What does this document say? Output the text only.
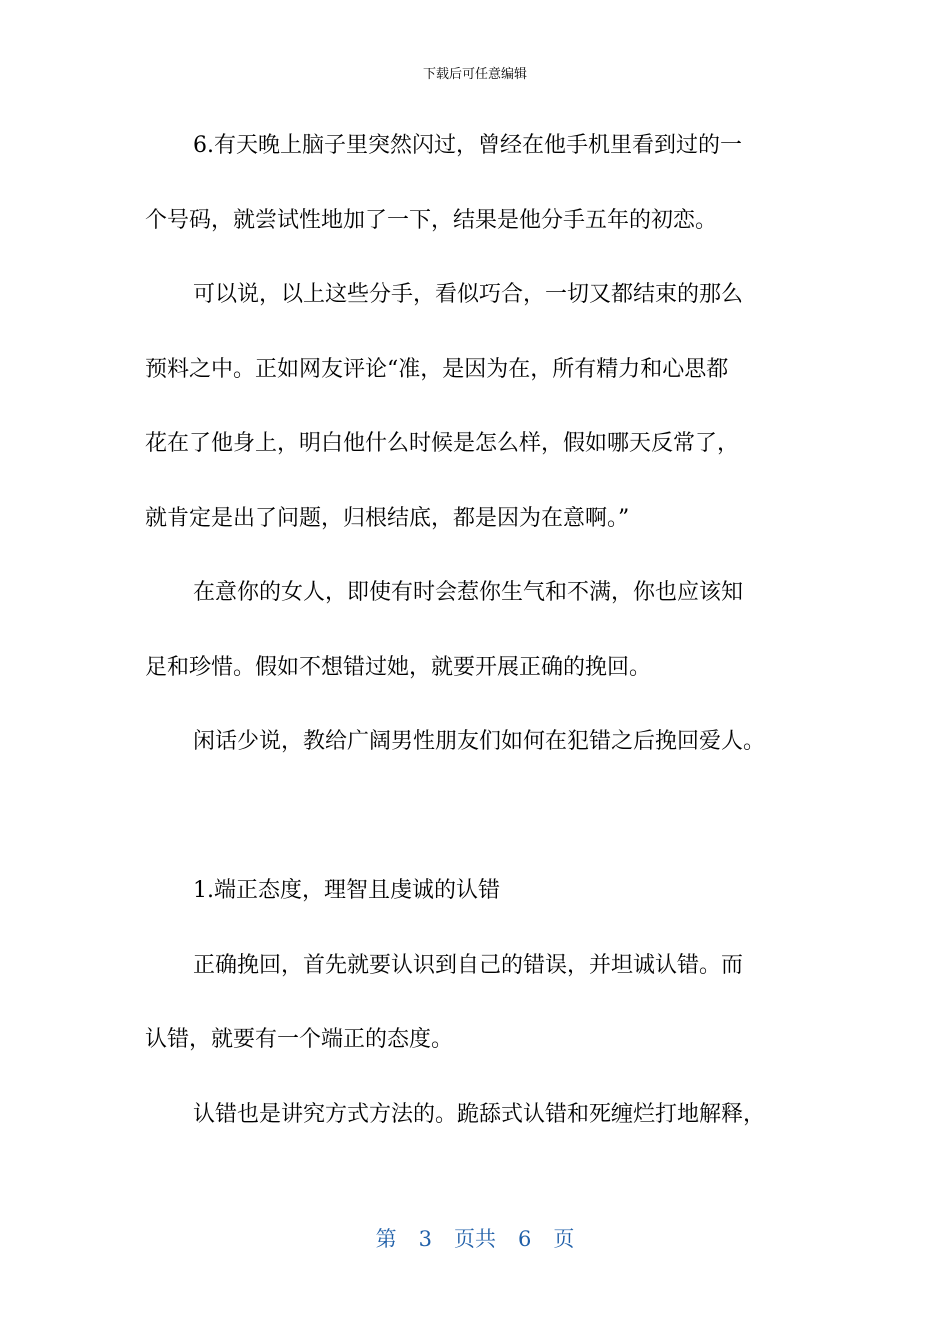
下载后可任意编辑
6.有天晚上脑子里突然闪过，曾经在他手机里看到过的一
个号码，就尝试性地加了一下，结果是他分手五年的初恋。
可以说，以上这些分手，看似巧合，一切又都结束的那么
预料之中。正如网友评论“准，是因为在，所有精力和心思都
花在了他身上，明白他什么时候是怎么样，假如哪天反常了，
就肯定是出了问题，归根结底，都是因为在意啊。”
在意你的女人，即使有时会惹你生气和不满，你也应该知
足和珍惜。假如不想错过她，就要开展正确的挽回。
闲话少说，教给广阔男性朋友们如何在犯错之后挽回爱人。
1.端正态度，理智且虔诚的认错
正确挽回，首先就要认识到自己的错误，并坦诚认错。而
认错，就要有一个端正的态度。
认错也是讲究方式方法的。跪舔式认错和死缠烂打地解释，
第 3 页共 6 页
